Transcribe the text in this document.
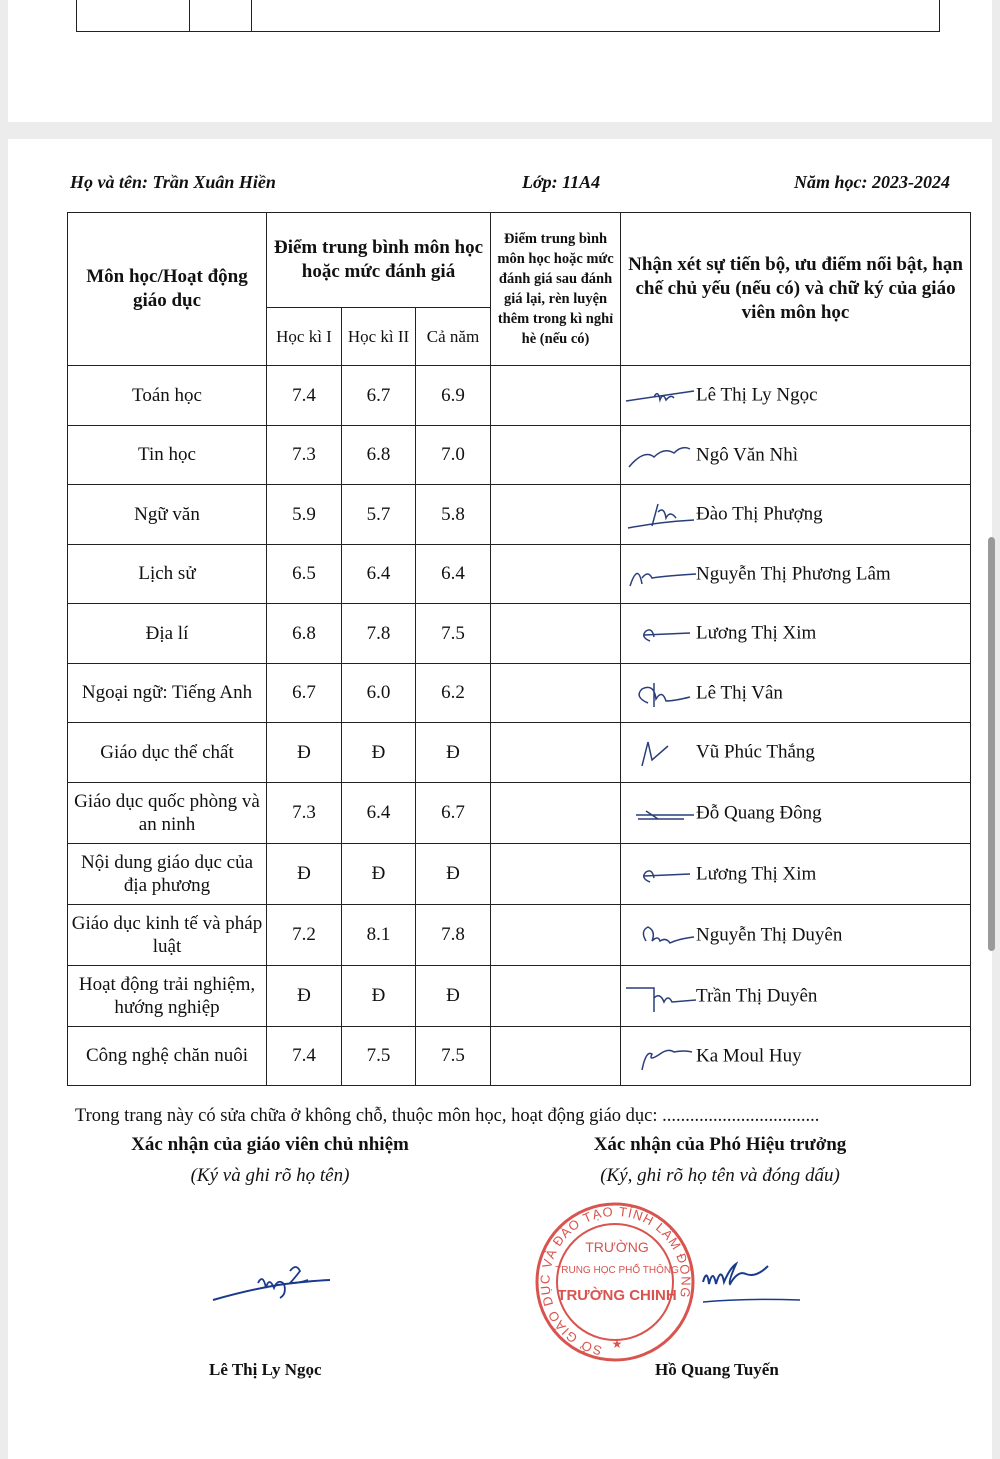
Họ và tên: Trần Xuân Hiền	Lớp: 11A4	Năm học: 2023-2024
Môn học/Hoạt động giáo dục	Điểm trung bình môn học hoặc mức đánh giá			Điểm trung bình môn học hoặc mức đánh giá sau đánh giá lại, rèn luyện thêm trong kì nghỉ hè (nếu có)	Nhận xét sự tiến bộ, ưu điểm nổi bật, hạn chế chủ yếu (nếu có) và chữ ký của giáo viên môn học
	Học kì I	Học kì II	Cả năm		
Toán học	7.4	6.7	6.9		Lê Thị Ly Ngọc
Tin học	7.3	6.8	7.0		Ngô Văn Nhì
Ngữ văn	5.9	5.7	5.8		Đào Thị Phượng
Lịch sử	6.5	6.4	6.4		Nguyễn Thị Phương Lâm
Địa lí	6.8	7.8	7.5		Lương Thị Xim
Ngoại ngữ: Tiếng Anh	6.7	6.0	6.2		Lê Thị Vân
Giáo dục thể chất	Đ	Đ	Đ		Vũ Phúc Thắng
Giáo dục quốc phòng và an ninh	7.3	6.4	6.7		Đỗ Quang Đông
Nội dung giáo dục của địa phương	Đ	Đ	Đ		Lương Thị Xim
Giáo dục kinh tế và pháp luật	7.2	8.1	7.8		Nguyễn Thị Duyên
Hoạt động trải nghiệm, hướng nghiệp	Đ	Đ	Đ		Trần Thị Duyên
Công nghệ chăn nuôi	7.4	7.5	7.5		Ka Moul Huy
Trong trang này có sửa chữa ở không chỗ, thuộc môn học, hoạt động giáo dục: ..................................
Xác nhận của giáo viên chủ nhiệm
(Ký và ghi rõ họ tên)
Xác nhận của Phó Hiệu trưởng
(Ký, ghi rõ họ tên và đóng dấu)
SỞ GIÁO DỤC VÀ ĐÀO TẠO TỈNH LÂM ĐỒNG
TRƯỜNG
TRUNG HỌC PHỔ THÔNG
TRƯỜNG CHINH
★
Lê Thị Ly Ngọc	Hồ Quang Tuyến
